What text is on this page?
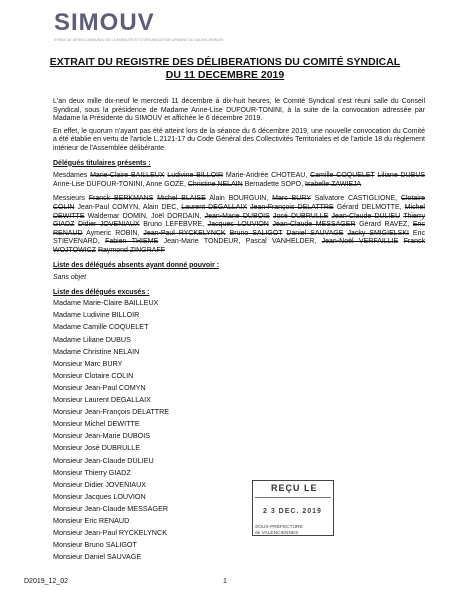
SIMOUV
SYNDICAT INTERCOMMUNAL DE LA MOBILITE ET D'ORGANISATION URBAINE DU VALENCIENNOIS
EXTRAIT DU REGISTRE DES DÉLIBERATIONS DU COMITÉ SYNDICAL
DU 11 DECEMBRE 2019

L'an deux mille dix-neuf le mercredi 11 décembre à dix-huit heures, le Comité Syndical s'est réuni salle du Conseil Syndical, sous la présidence de Madame Anne-Lise DUFOUR-TONINI, à la suite de la convocation adressée par Madame la Présidente du SIMOUV et affichée le 6 décembre 2019.

En effet, le quorum n'ayant pas été atteint lors de la séance du 6 décembre 2019, une nouvelle convocation du Comité a été établie en vertu de l'article L.2121-17 du Code Général des Collectivités Territoriales et de l'article 18 du règlement intérieur de l'Assemblée délibérante.

Délégués titulaires présents :

Mesdames Marie-Claire BAILLEUX Ludivine BILLOIR Marie-Andrée CHOTEAU, Camille COQUELET Liliane DUBUS Anne-Lise DUFOUR-TONINI, Anne GOZE, Christine NELAIN Bernadette SOPO, Isabelle ZAWIEJA

Messieurs Franck BERKMANS Michel BLAISE Alain BOURGUIN, Marc BURY Salvatore CASTIGLIONE, Clotaire COLIN Jean-Paul COMYN, Alain DEC, Laurent DEGALLAIX Jean-François DELATTRE Gérard DELMOTTE, Michel DEWITTE Waldemar DOMIN, Joël DORDAIN, Jean-Marie DUBOIS José DUBRULLE Jean-Claude DULIEU Thierry GIADZ Didier JOVENIAUX Bruno LEFEBVRE, Jacques LOUVION Jean-Claude MESSAGER Gérard RAVEZ, Eric RENAUD Aymeric ROBIN, Jean-Paul RYCKELYNCK Bruno SALIGOT Daniel SAUVAGE Jacky SMIGIELSKI Eric STIEVENARD, Fabien THIEME Jean-Marie TONDEUR, Pascal VANHELDER, Jean-Noël VERFAILLIE Franck WOJTOWICZ Raymond ZINGRAFF

Liste des délégués absents ayant donné pouvoir :

Sans objet

Liste des délégués excusés :

Madame Marie-Claire BAILLEUX
Madame Ludivine BILLOIR
Madame Camille COQUELET
Madame Liliane DUBUS
Madame Christine NELAIN
Monsieur Marc BURY
Monsieur Clotaire COLIN
Monsieur Jean-Paul COMYN
Monsieur Laurent DEGALLAIX
Monsieur Jean-François DELATTRE
Monsieur Michel DEWITTE
Monsieur Jean-Marie DUBOIS
Monsieur José DUBRULLE
Monsieur Jean-Claude DULIEU
Monsieur Thierry GIADZ
Monsieur Didier JOVENIAUX
Monsieur Jacques LOUVION
Monsieur Jean-Claude MESSAGER
Monsieur Eric RENAUD
Monsieur Jean-Paul RYCKELYNCK
Monsieur Bruno SALIGOT
Monsieur Daniel SAUVAGE
REÇU LE
2 3 DEC. 2019
SOUS-PRÉFECTURE
de VALENCIENNES
D2019_12_02	1
